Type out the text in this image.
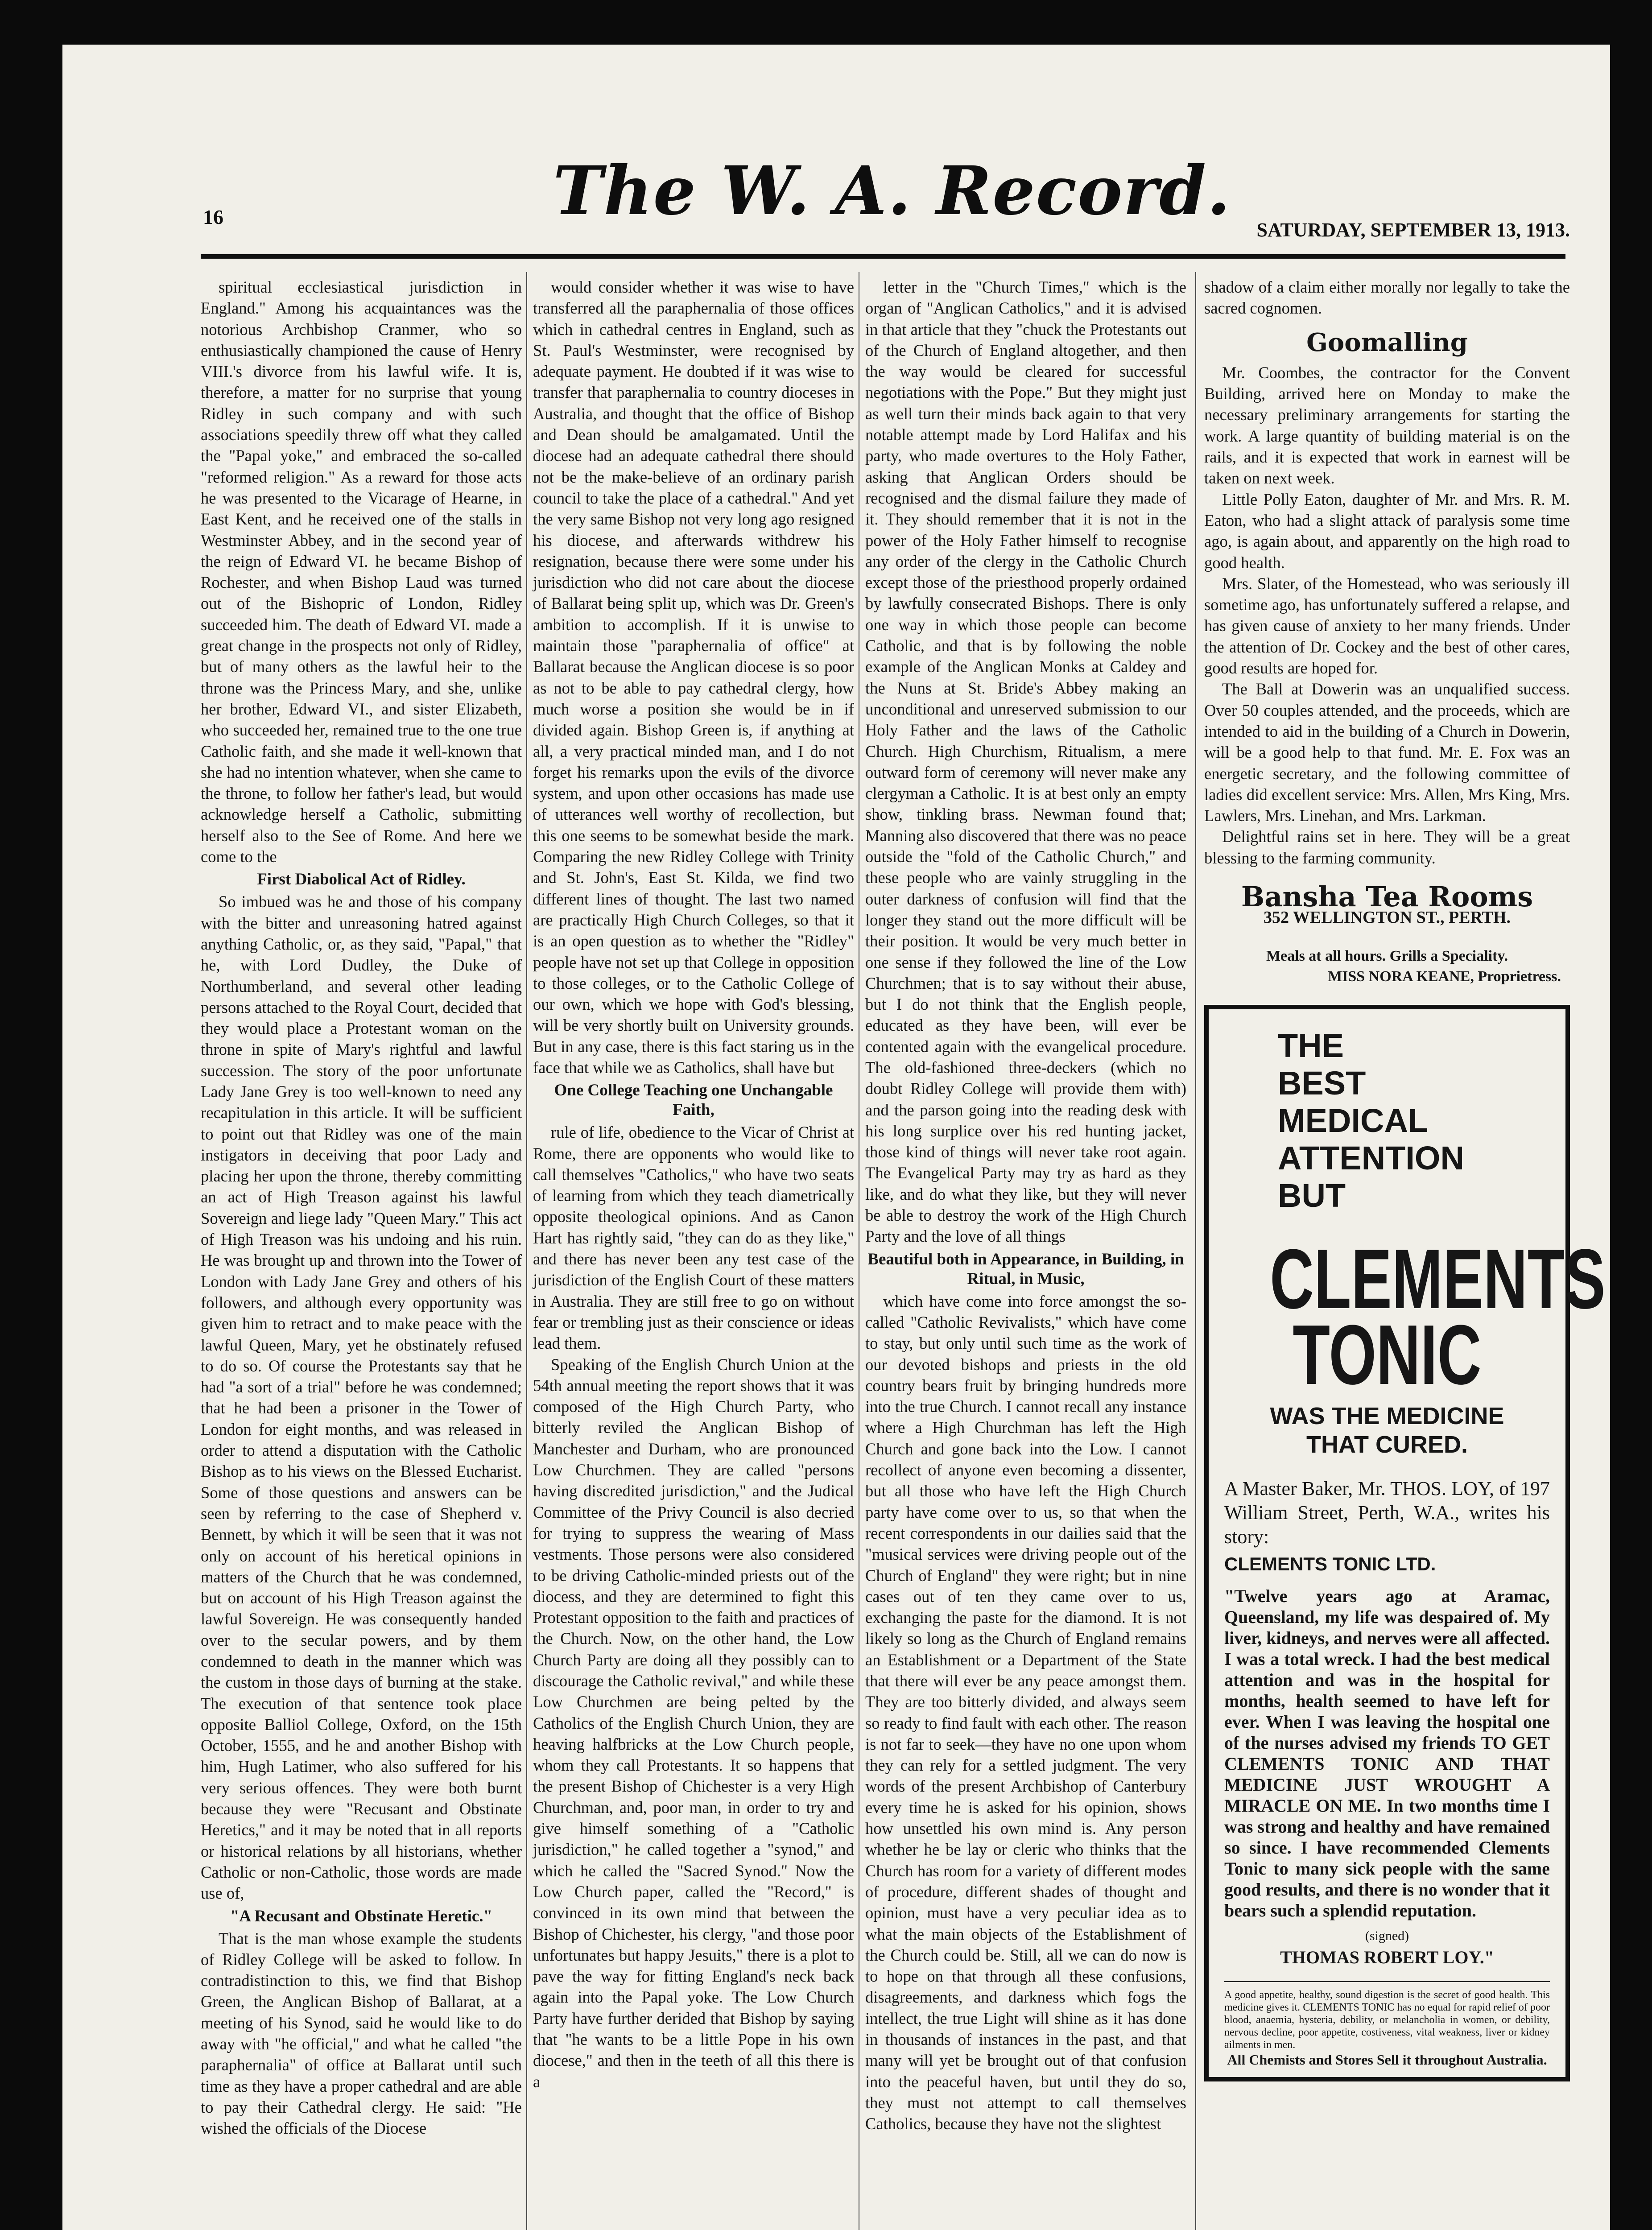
16	The W. A. Record. SATURDAY, SEPTEMBER 13, 1913.

spiritual ecclesiastical jurisdiction in England." Among his acquaintances was the notorious Archbishop Cranmer, who so enthusiastically championed the cause of Henry VIII.'s divorce from his lawful wife. It is, therefore, a matter for no surprise that young Ridley in such company and with such associations speedily threw off what they called the "Papal yoke," and embraced the so-called "reformed religion." As a reward for those acts he was presented to the Vicarage of Hearne, in East Kent, and he received one of the stalls in Westminster Abbey, and in the second year of the reign of Edward VI. he became Bishop of Rochester, and when Bishop Laud was turned out of the Bishopric of London, Ridley succeeded him. The death of Edward VI. made a great change in the prospects not only of Ridley, but of many others as the lawful heir to the throne was the Princess Mary, and she, unlike her brother, Edward VI., and sister Elizabeth, who succeeded her, remained true to the one true Catholic faith, and she made it well-known that she had no intention whatever, when she came to the throne, to follow her father's lead, but would acknowledge herself a Catholic, submitting herself also to the See of Rome. And here we come to the

First Diabolical Act of Ridley.

So imbued was he and those of his company with the bitter and unreasoning hatred against anything Catholic, or, as they said, "Papal," that he, with Lord Dudley, the Duke of Northumberland, and several other leading persons attached to the Royal Court, decided that they would place a Protestant woman on the throne in spite of Mary's rightful and lawful succession. The story of the poor unfortunate Lady Jane Grey is too well-known to need any recapitulation in this article. It will be sufficient to point out that Ridley was one of the main instigators in deceiving that poor Lady and placing her upon the throne, thereby committing an act of High Treason against his lawful Sovereign and liege lady "Queen Mary." This act of High Treason was his undoing and his ruin. He was brought up and thrown into the Tower of London with Lady Jane Grey and others of his followers, and although every opportunity was given him to retract and to make peace with the lawful Queen, Mary, yet he obstinately refused to do so. Of course the Protestants say that he had "a sort of a trial" before he was condemned; that he had been a prisoner in the Tower of London for eight months, and was released in order to attend a disputation with the Catholic Bishop as to his views on the Blessed Eucharist. Some of those questions and answers can be seen by referring to the case of Shepherd v. Bennett, by which it will be seen that it was not only on account of his heretical opinions in matters of the Church that he was condemned, but on account of his High Treason against the lawful Sovereign. He was consequently handed over to the secular powers, and by them condemned to death in the manner which was the custom in those days of burning at the stake. The execution of that sentence took place opposite Balliol College, Oxford, on the 15th October, 1555, and he and another Bishop with him, Hugh Latimer, who also suffered for his very serious offences. They were both burnt because they were "Recusant and Obstinate Heretics," and it may be noted that in all reports or historical relations by all historians, whether Catholic or non-Catholic, those words are made use of,

"A Recusant and Obstinate Heretic."

That is the man whose example the students of Ridley College will be asked to follow. In contradistinction to this, we find that Bishop Green, the Anglican Bishop of Ballarat, at a meeting of his Synod, said he would like to do away with "he official," and what he called "the paraphernalia" of office at Ballarat until such time as they have a proper cathedral and are able to pay their Cathedral clergy. He said: "He wished the officials of the Diocese

would consider whether it was wise to have transferred all the paraphernalia of those offices which in cathedral centres in England, such as St. Paul's Westminster, were recognised by adequate payment. He doubted if it was wise to transfer that paraphernalia to country dioceses in Australia, and thought that the office of Bishop and Dean should be amalgamated. Until the diocese had an adequate cathedral there should not be the make-believe of an ordinary parish council to take the place of a cathedral." And yet the very same Bishop not very long ago resigned his diocese, and afterwards withdrew his resignation, because there were some under his jurisdiction who did not care about the diocese of Ballarat being split up, which was Dr. Green's ambition to accomplish. If it is unwise to maintain those "paraphernalia of office" at Ballarat because the Anglican diocese is so poor as not to be able to pay cathedral clergy, how much worse a position she would be in if divided again. Bishop Green is, if anything at all, a very practical minded man, and I do not forget his remarks upon the evils of the divorce system, and upon other occasions has made use of utterances well worthy of recollection, but this one seems to be somewhat beside the mark. Comparing the new Ridley College with Trinity and St. John's, East St. Kilda, we find two different lines of thought. The last two named are practically High Church Colleges, so that it is an open question as to whether the "Ridley" people have not set up that College in opposition to those colleges, or to the Catholic College of our own, which we hope with God's blessing, will be very shortly built on University grounds. But in any case, there is this fact staring us in the face that while we as Catholics, shall have but

One College Teaching one Unchangable Faith,

rule of life, obedience to the Vicar of Christ at Rome, there are opponents who would like to call themselves "Catholics," who have two seats of learning from which they teach diametrically opposite theological opinions. And as Canon Hart has rightly said, "they can do as they like," and there has never been any test case of the jurisdiction of the English Court of these matters in Australia. They are still free to go on without fear or trembling just as their conscience or ideas lead them.

Speaking of the English Church Union at the 54th annual meeting the report shows that it was composed of the High Church Party, who bitterly reviled the Anglican Bishop of Manchester and Durham, who are pronounced Low Churchmen. They are called "persons having discredited jurisdiction," and the Judical Committee of the Privy Council is also decried for trying to suppress the wearing of Mass vestments. Those persons were also considered to be driving Catholic-minded priests out of the diocess, and they are determined to fight this Protestant opposition to the faith and practices of the Church. Now, on the other hand, the Low Church Party are doing all they possibly can to discourage the Catholic revival," and while these Low Churchmen are being pelted by the Catholics of the English Church Union, they are heaving halfbricks at the Low Church people, whom they call Protestants. It so happens that the present Bishop of Chichester is a very High Churchman, and, poor man, in order to try and give himself something of a "Catholic jurisdiction," he called together a "synod," and which he called the "Sacred Synod." Now the Low Church paper, called the "Record," is convinced in its own mind that between the Bishop of Chichester, his clergy, "and those poor unfortunates but happy Jesuits," there is a plot to pave the way for fitting England's neck back again into the Papal yoke. The Low Church Party have further derided that Bishop by saying that "he wants to be a little Pope in his own diocese," and then in the teeth of all this there is a

letter in the "Church Times," which is the organ of "Anglican Catholics," and it is advised in that article that they "chuck the Protestants out of the Church of England altogether, and then the way would be cleared for successful negotiations with the Pope." But they might just as well turn their minds back again to that very notable attempt made by Lord Halifax and his party, who made overtures to the Holy Father, asking that Anglican Orders should be recognised and the dismal failure they made of it. They should remember that it is not in the power of the Holy Father himself to recognise any order of the clergy in the Catholic Church except those of the priesthood properly ordained by lawfully consecrated Bishops. There is only one way in which those people can become Catholic, and that is by following the noble example of the Anglican Monks at Caldey and the Nuns at St. Bride's Abbey making an unconditional and unreserved submission to our Holy Father and the laws of the Catholic Church. High Churchism, Ritualism, a mere outward form of ceremony will never make any clergyman a Catholic. It is at best only an empty show, tinkling brass. Newman found that; Manning also discovered that there was no peace outside the "fold of the Catholic Church," and these people who are vainly struggling in the outer darkness of confusion will find that the longer they stand out the more difficult will be their position. It would be very much better in one sense if they followed the line of the Low Churchmen; that is to say without their abuse, but I do not think that the English people, educated as they have been, will ever be contented again with the evangelical procedure. The old-fashioned three-deckers (which no doubt Ridley College will provide them with) and the parson going into the reading desk with his long surplice over his red hunting jacket, those kind of things will never take root again. The Evangelical Party may try as hard as they like, and do what they like, but they will never be able to destroy the work of the High Church Party and the love of all things

Beautiful both in Appearance, in Building, in Ritual, in Music,

which have come into force amongst the so-called "Catholic Revivalists," which have come to stay, but only until such time as the work of our devoted bishops and priests in the old country bears fruit by bringing hundreds more into the true Church. I cannot recall any instance where a High Churchman has left the High Church and gone back into the Low. I cannot recollect of anyone even becoming a dissenter, but all those who have left the High Church party have come over to us, so that when the recent correspondents in our dailies said that the "musical services were driving people out of the Church of England" they were right; but in nine cases out of ten they came over to us, exchanging the paste for the diamond. It is not likely so long as the Church of England remains an Establishment or a Department of the State that there will ever be any peace amongst them. They are too bitterly divided, and always seem so ready to find fault with each other. The reason is not far to seek—they have no one upon whom they can rely for a settled judgment. The very words of the present Archbishop of Canterbury every time he is asked for his opinion, shows how unsettled his own mind is. Any person whether he be lay or cleric who thinks that the Church has room for a variety of different modes of procedure, different shades of thought and opinion, must have a very peculiar idea as to what the main objects of the Establishment of the Church could be. Still, all we can do now is to hope on that through all these confusions, disagreements, and darkness which fogs the intellect, the true Light will shine as it has done in thousands of instances in the past, and that many will yet be brought out of that confusion into the peaceful haven, but until they do so, they must not attempt to call themselves Catholics, because they have not the slightest

shadow of a claim either morally nor legally to take the sacred cognomen.

Goomalling

Mr. Coombes, the contractor for the Convent Building, arrived here on Monday to make the necessary preliminary arrangements for starting the work. A large quantity of building material is on the rails, and it is expected that work in earnest will be taken on next week.

Little Polly Eaton, daughter of Mr. and Mrs. R. M. Eaton, who had a slight attack of paralysis some time ago, is again about, and apparently on the high road to good health.

Mrs. Slater, of the Homestead, who was seriously ill sometime ago, has unfortunately suffered a relapse, and has given cause of anxiety to her many friends. Under the attention of Dr. Cockey and the best of other cares, good results are hoped for.

The Ball at Dowerin was an unqualified success. Over 50 couples attended, and the proceeds, which are intended to aid in the building of a Church in Dowerin, will be a good help to that fund. Mr. E. Fox was an energetic secretary, and the following committee of ladies did excellent service: Mrs. Allen, Mrs King, Mrs. Lawlers, Mrs. Linehan, and Mrs. Larkman.

Delightful rains set in here. They will be a great blessing to the farming community.

Bansha Tea Rooms
352 WELLINGTON ST., PERTH.
Meals at all hours. Grills a Speciality.
MISS NORA KEANE, Proprietress.
THE
BEST
MEDICAL
ATTENTION
BUT
CLEMENTS
TONIC
WAS THE MEDICINE
THAT CURED.
A Master Baker, Mr. THOS. LOY, of 197 William Street, Perth, W.A., writes his story:
CLEMENTS TONIC LTD.
"Twelve years ago at Aramac, Queensland, my life was despaired of. My liver, kidneys, and nerves were all affected. I was a total wreck. I had the best medical attention and was in the hospital for months, health seemed to have left for ever. When I was leaving the hospital one of the nurses advised my friends TO GET CLEMENTS TONIC AND THAT MEDICINE JUST WROUGHT A MIRACLE ON ME. In two months time I was strong and healthy and have remained so since. I have recommended Clements Tonic to many sick people with the same good results, and there is no wonder that it bears such a splendid reputation.
(signed)
THOMAS ROBERT LOY."
A good appetite, healthy, sound digestion is the secret of good health. This medicine gives it. CLEMENTS TONIC has no equal for rapid relief of poor blood, anaemia, hysteria, debility, or melancholia in women, or debility, nervous decline, poor appetite, costiveness, vital weakness, liver or kidney ailments in men.
All Chemists and Stores Sell it throughout Australia.
